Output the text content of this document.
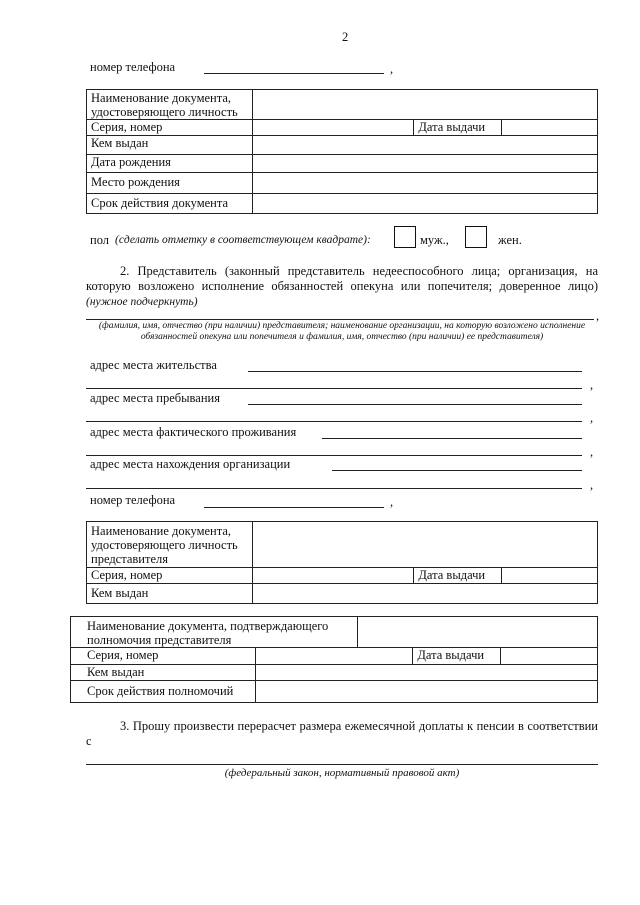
2
номер телефона	,
Наименование документа, удостоверяющего личность			
Серия, номер		Дата выдачи	
Кем выдан			
Дата рождения			
Место рождения			
Срок действия документа			
пол (сделать отметку в соответствующем квадрате):	муж.,	жен.
2. Представитель (законный представитель недееспособного лица; организация, на которую возложено исполнение обязанностей опекуна или попечителя; доверенное лицо) (нужное подчеркнуть)
,
(фамилия, имя, отчество (при наличии) представителя; наименование организации, на которую возложено исполнение обязанностей опекуна или попечителя и фамилия, имя, отчество (при наличии) ее представителя)
адрес места жительства
,
адрес места пребывания
,
адрес места фактического проживания
,
адрес места нахождения организации
,
номер телефона	,
Наименование документа, удостоверяющего личность представителя			
Серия, номер		Дата выдачи	
Кем выдан			
Наименование документа, подтверждающего полномочия представителя				
Серия, номер			Дата выдачи	
Кем выдан				
Срок действия полномочий				
3. Прошу произвести перерасчет размера ежемесячной доплаты к пенсии в соответствии с
(федеральный закон, нормативный правовой акт)
